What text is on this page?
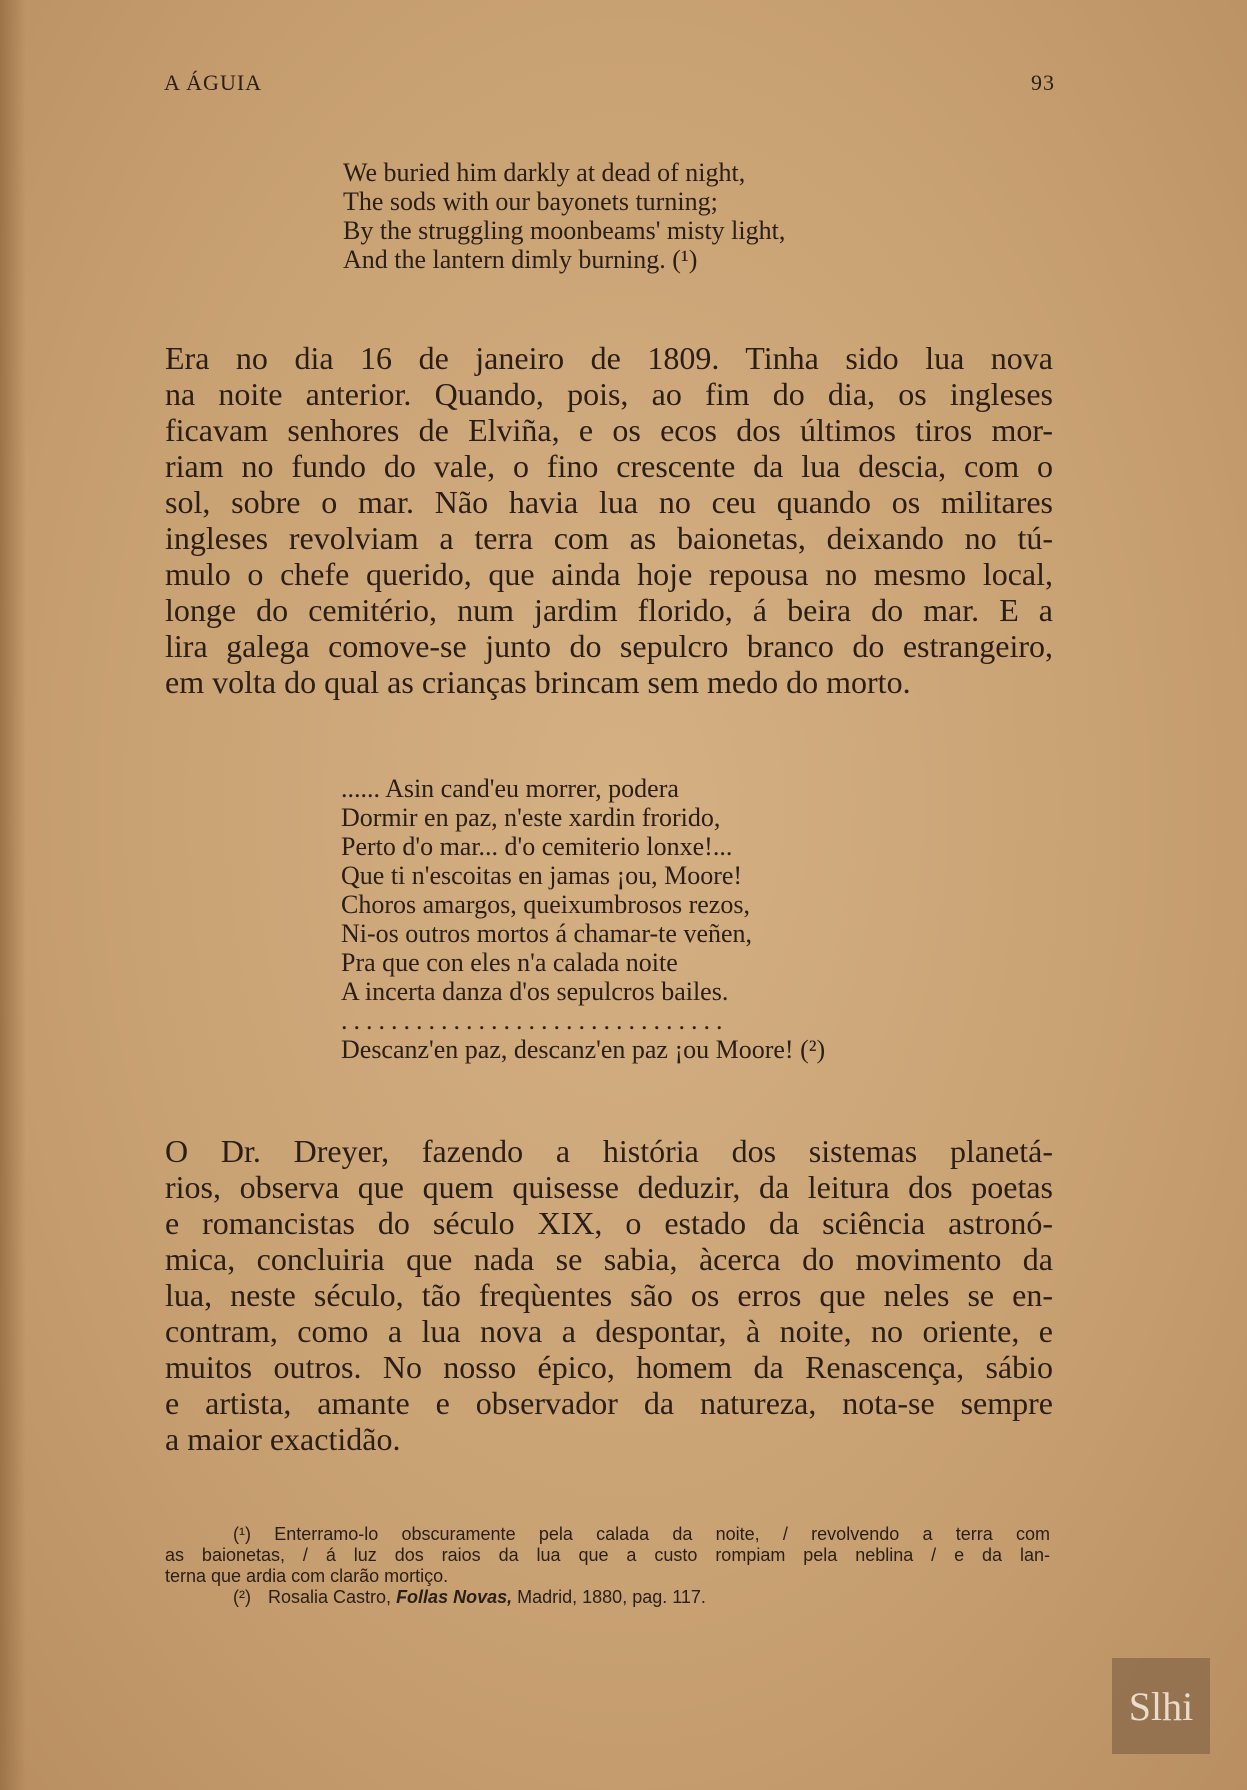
A ÁGUIA	93
We buried him darkly at dead of night,
The sods with our bayonets turning;
By the struggling moonbeams' misty light,
And the lantern dimly burning. (¹)
Era no dia 16 de janeiro de 1809. Tinha sido lua nova
na noite anterior. Quando, pois, ao fim do dia, os ingleses
ficavam senhores de Elviña, e os ecos dos últimos tiros mor-
riam no fundo do vale, o fino crescente da lua descia, com o
sol, sobre o mar. Não havia lua no ceu quando os militares
ingleses revolviam a terra com as baionetas, deixando no tú-
mulo o chefe querido, que ainda hoje repousa no mesmo local,
longe do cemitério, num jardim florido, á beira do mar. E a
lira galega comove-se junto do sepulcro branco do estrangeiro,
em volta do qual as crianças brincam sem medo do morto.
...... Asin cand'eu morrer, podera
Dormir en paz, n'este xardin frorido,
Perto d'o mar... d'o cemiterio lonxe!...
Que ti n'escoitas en jamas ¡ou, Moore!
Choros amargos, queixumbrosos rezos,
Ni-os outros mortos á chamar-te veñen,
Pra que con eles n'a calada noite
A incerta danza d'os sepulcros bailes.
...............................
Descanz'en paz, descanz'en paz ¡ou Moore! (²)
O Dr. Dreyer, fazendo a história dos sistemas planetá-
rios, observa que quem quisesse deduzir, da leitura dos poetas
e romancistas do século XIX, o estado da sciência astronó-
mica, concluiria que nada se sabia, àcerca do movimento da
lua, neste século, tão freqùentes são os erros que neles se en-
contram, como a lua nova a despontar, à noite, no oriente, e
muitos outros. No nosso épico, homem da Renascença, sábio
e artista, amante e observador da natureza, nota-se sempre
a maior exactidão.
(¹) Enterramo-lo obscuramente pela calada da noite, / revolvendo a terra com
as baionetas, / á luz dos raios da lua que a custo rompiam pela neblina / e da lan-
terna que ardia com clarão mortiço.
(²) Rosalia Castro, Follas Novas, Madrid, 1880, pag. 117.
Slhi
